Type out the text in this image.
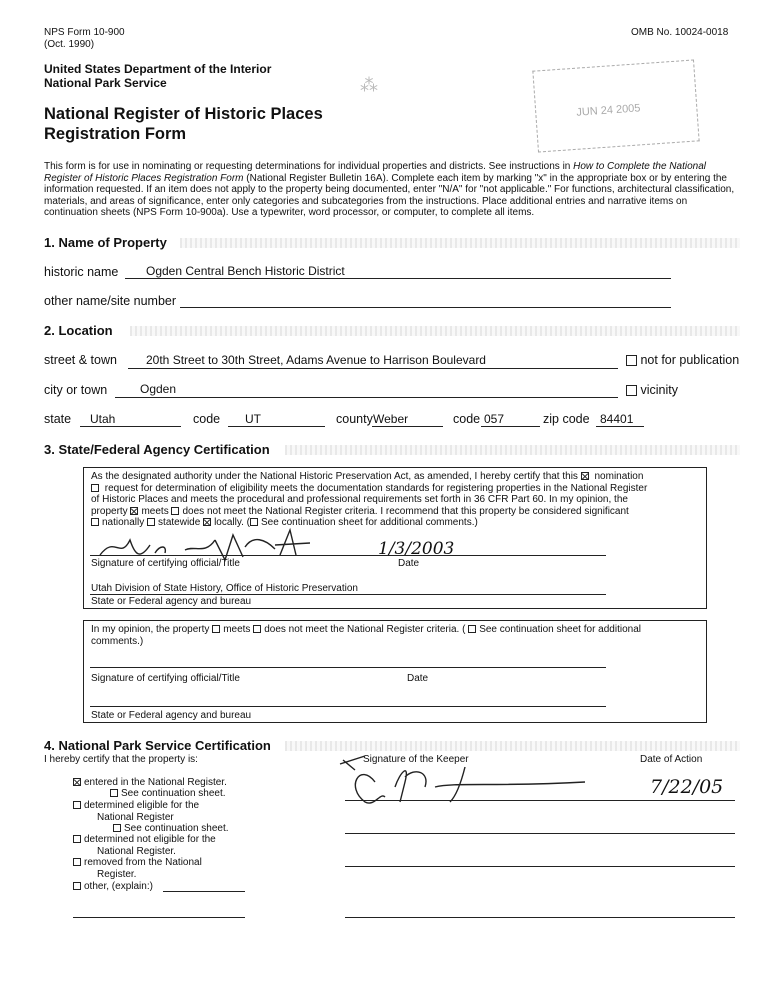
NPS Form 10-900
(Oct. 1990)
OMB No. 10024-0018
United States Department of the Interior
National Park Service
National Register of Historic Places
Registration Form
JUN 24 2005
⁂
This form is for use in nominating or requesting determinations for individual properties and districts. See instructions in How to Complete the National
Register of Historic Places Registration Form (National Register Bulletin 16A). Complete each item by marking "x" in the appropriate box or by entering the
information requested. If an item does not apply to the property being documented, enter "N/A" for "not applicable." For functions, architectural classification,
materials, and areas of significance, enter only categories and subcategories from the instructions. Place additional entries and narrative items on
continuation sheets (NPS Form 10-900a). Use a typewriter, word processor, or computer, to complete all items.
1. Name of Property
historic name Ogden Central Bench Historic District
other name/site number
2. Location
street & town 20th Street to 30th Street, Adams Avenue to Harrison Boulevard	not for publication
city or town	Ogden	vicinity
state Utah	code UT	county Weber	code 057	zip code 84401
3. State/Federal Agency Certification
As the designated authority under the National Historic Preservation Act, as amended, I hereby certify that this nomination
request for determination of eligibility meets the documentation standards for registering properties in the National Register
of Historic Places and meets the procedural and professional requirements set forth in 36 CFR Part 60. In my opinion, the
property meets does not meet the National Register criteria. I recommend that this property be considered significant
nationally statewide locally. ( See continuation sheet for additional comments.)
1/3/2003
Signature of certifying official/Title	Date
Utah Division of State History, Office of Historic Preservation
State or Federal agency and bureau
In my opinion, the property meets does not meet the National Register criteria. ( See continuation sheet for additional
comments.)
Signature of certifying official/Title	Date
State or Federal agency and bureau
4. National Park Service Certification
I hereby certify that the property is:
entered in the National Register.
See continuation sheet.
determined eligible for the
National Register
See continuation sheet.
determined not eligible for the
National Register.
removed from the National
Register.
other, (explain:)
Signature of the Keeper	Date of Action
7/22/05
